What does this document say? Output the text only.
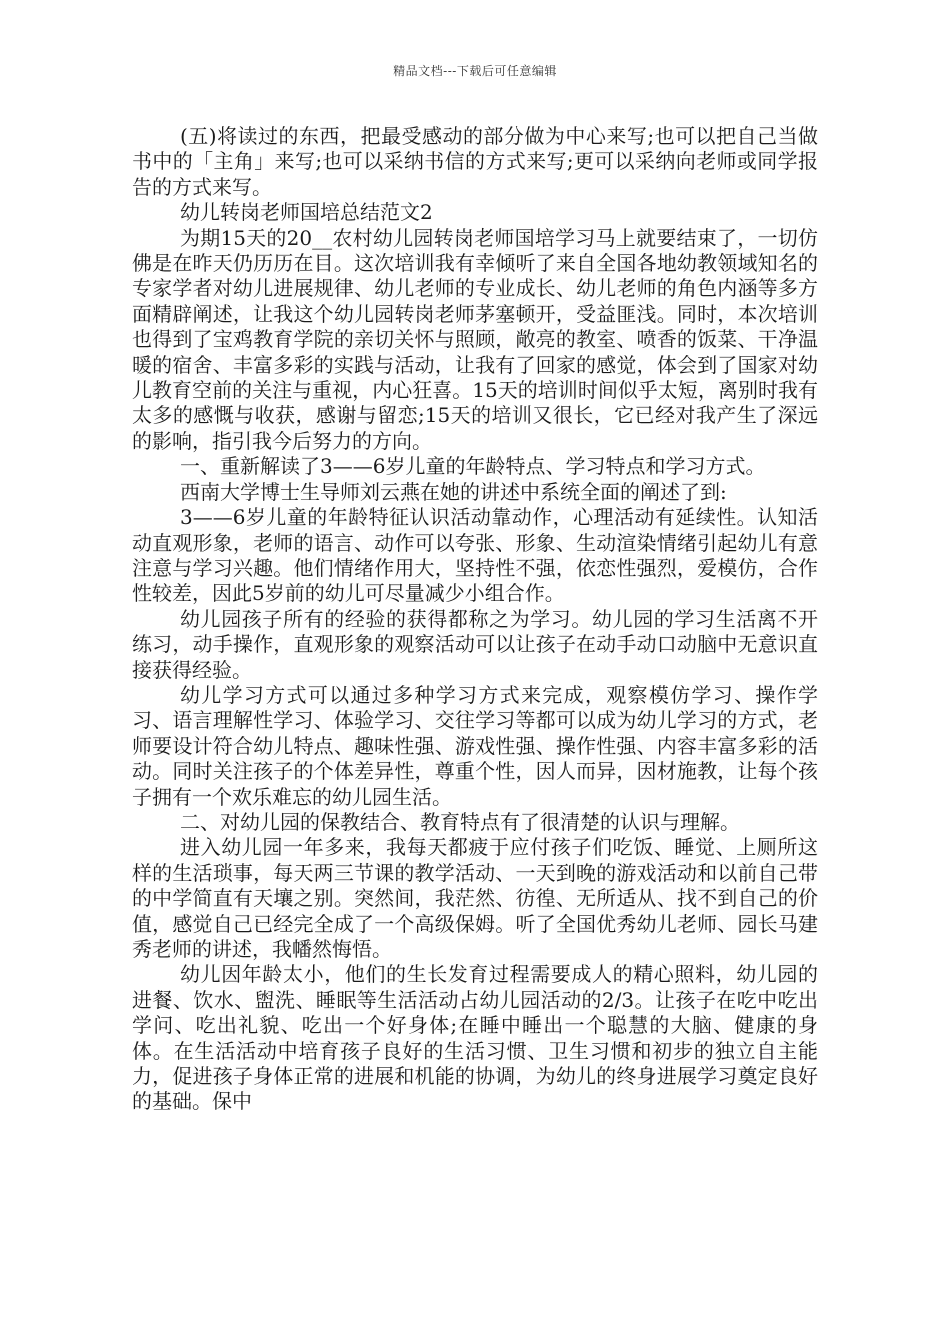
精品文档---下载后可任意编辑

(五)将读过的东西，把最受感动的部分做为中心来写;也可以把自己当做书中的「主角」来写;也可以采纳书信的方式来写;更可以采纳向老师或同学报告的方式来写。

幼儿转岗老师国培总结范文2

为期15天的20__农村幼儿园转岗老师国培学习马上就要结束了，一切仿佛是在昨天仍历历在目。这次培训我有幸倾听了来自全国各地幼教领域知名的专家学者对幼儿进展规律、幼儿老师的专业成长、幼儿老师的角色内涵等多方面精辟阐述，让我这个幼儿园转岗老师茅塞顿开，受益匪浅。同时，本次培训也得到了宝鸡教育学院的亲切关怀与照顾，敞亮的教室、喷香的饭菜、干净温暖的宿舍、丰富多彩的实践与活动，让我有了回家的感觉，体会到了国家对幼儿教育空前的关注与重视，内心狂喜。15天的培训时间似乎太短，离别时我有太多的感慨与收获，感谢与留恋;15天的培训又很长，它已经对我产生了深远的影响，指引我今后努力的方向。

一、重新解读了3——6岁儿童的年龄特点、学习特点和学习方式。

西南大学博士生导师刘云燕在她的讲述中系统全面的阐述了到:

3——6岁儿童的年龄特征认识活动靠动作，心理活动有延续性。认知活动直观形象，老师的语言、动作可以夸张、形象、生动渲染情绪引起幼儿有意注意与学习兴趣。他们情绪作用大，坚持性不强，依恋性强烈，爱模仿，合作性较差，因此5岁前的幼儿可尽量减少小组合作。

幼儿园孩子所有的经验的获得都称之为学习。幼儿园的学习生活离不开练习，动手操作，直观形象的观察活动可以让孩子在动手动口动脑中无意识直接获得经验。

幼儿学习方式可以通过多种学习方式来完成，观察模仿学习、操作学习、语言理解性学习、体验学习、交往学习等都可以成为幼儿学习的方式，老师要设计符合幼儿特点、趣味性强、游戏性强、操作性强、内容丰富多彩的活动。同时关注孩子的个体差异性，尊重个性，因人而异，因材施教，让每个孩子拥有一个欢乐难忘的幼儿园生活。

二、对幼儿园的保教结合、教育特点有了很清楚的认识与理解。

进入幼儿园一年多来，我每天都疲于应付孩子们吃饭、睡觉、上厕所这样的生活琐事，每天两三节课的教学活动、一天到晚的游戏活动和以前自己带的中学简直有天壤之别。突然间，我茫然、彷徨、无所适从、找不到自己的价值，感觉自己已经完全成了一个高级保姆。听了全国优秀幼儿老师、园长马建秀老师的讲述，我幡然悔悟。

幼儿因年龄太小，他们的生长发育过程需要成人的精心照料，幼儿园的进餐、饮水、盥洗、睡眠等生活活动占幼儿园活动的2/3。让孩子在吃中吃出学问、吃出礼貌、吃出一个好身体;在睡中睡出一个聪慧的大脑、健康的身体。在生活活动中培育孩子良好的生活习惯、卫生习惯和初步的独立自主能力，促进孩子身体正常的进展和机能的协调，为幼儿的终身进展学习奠定良好的基础。保中
